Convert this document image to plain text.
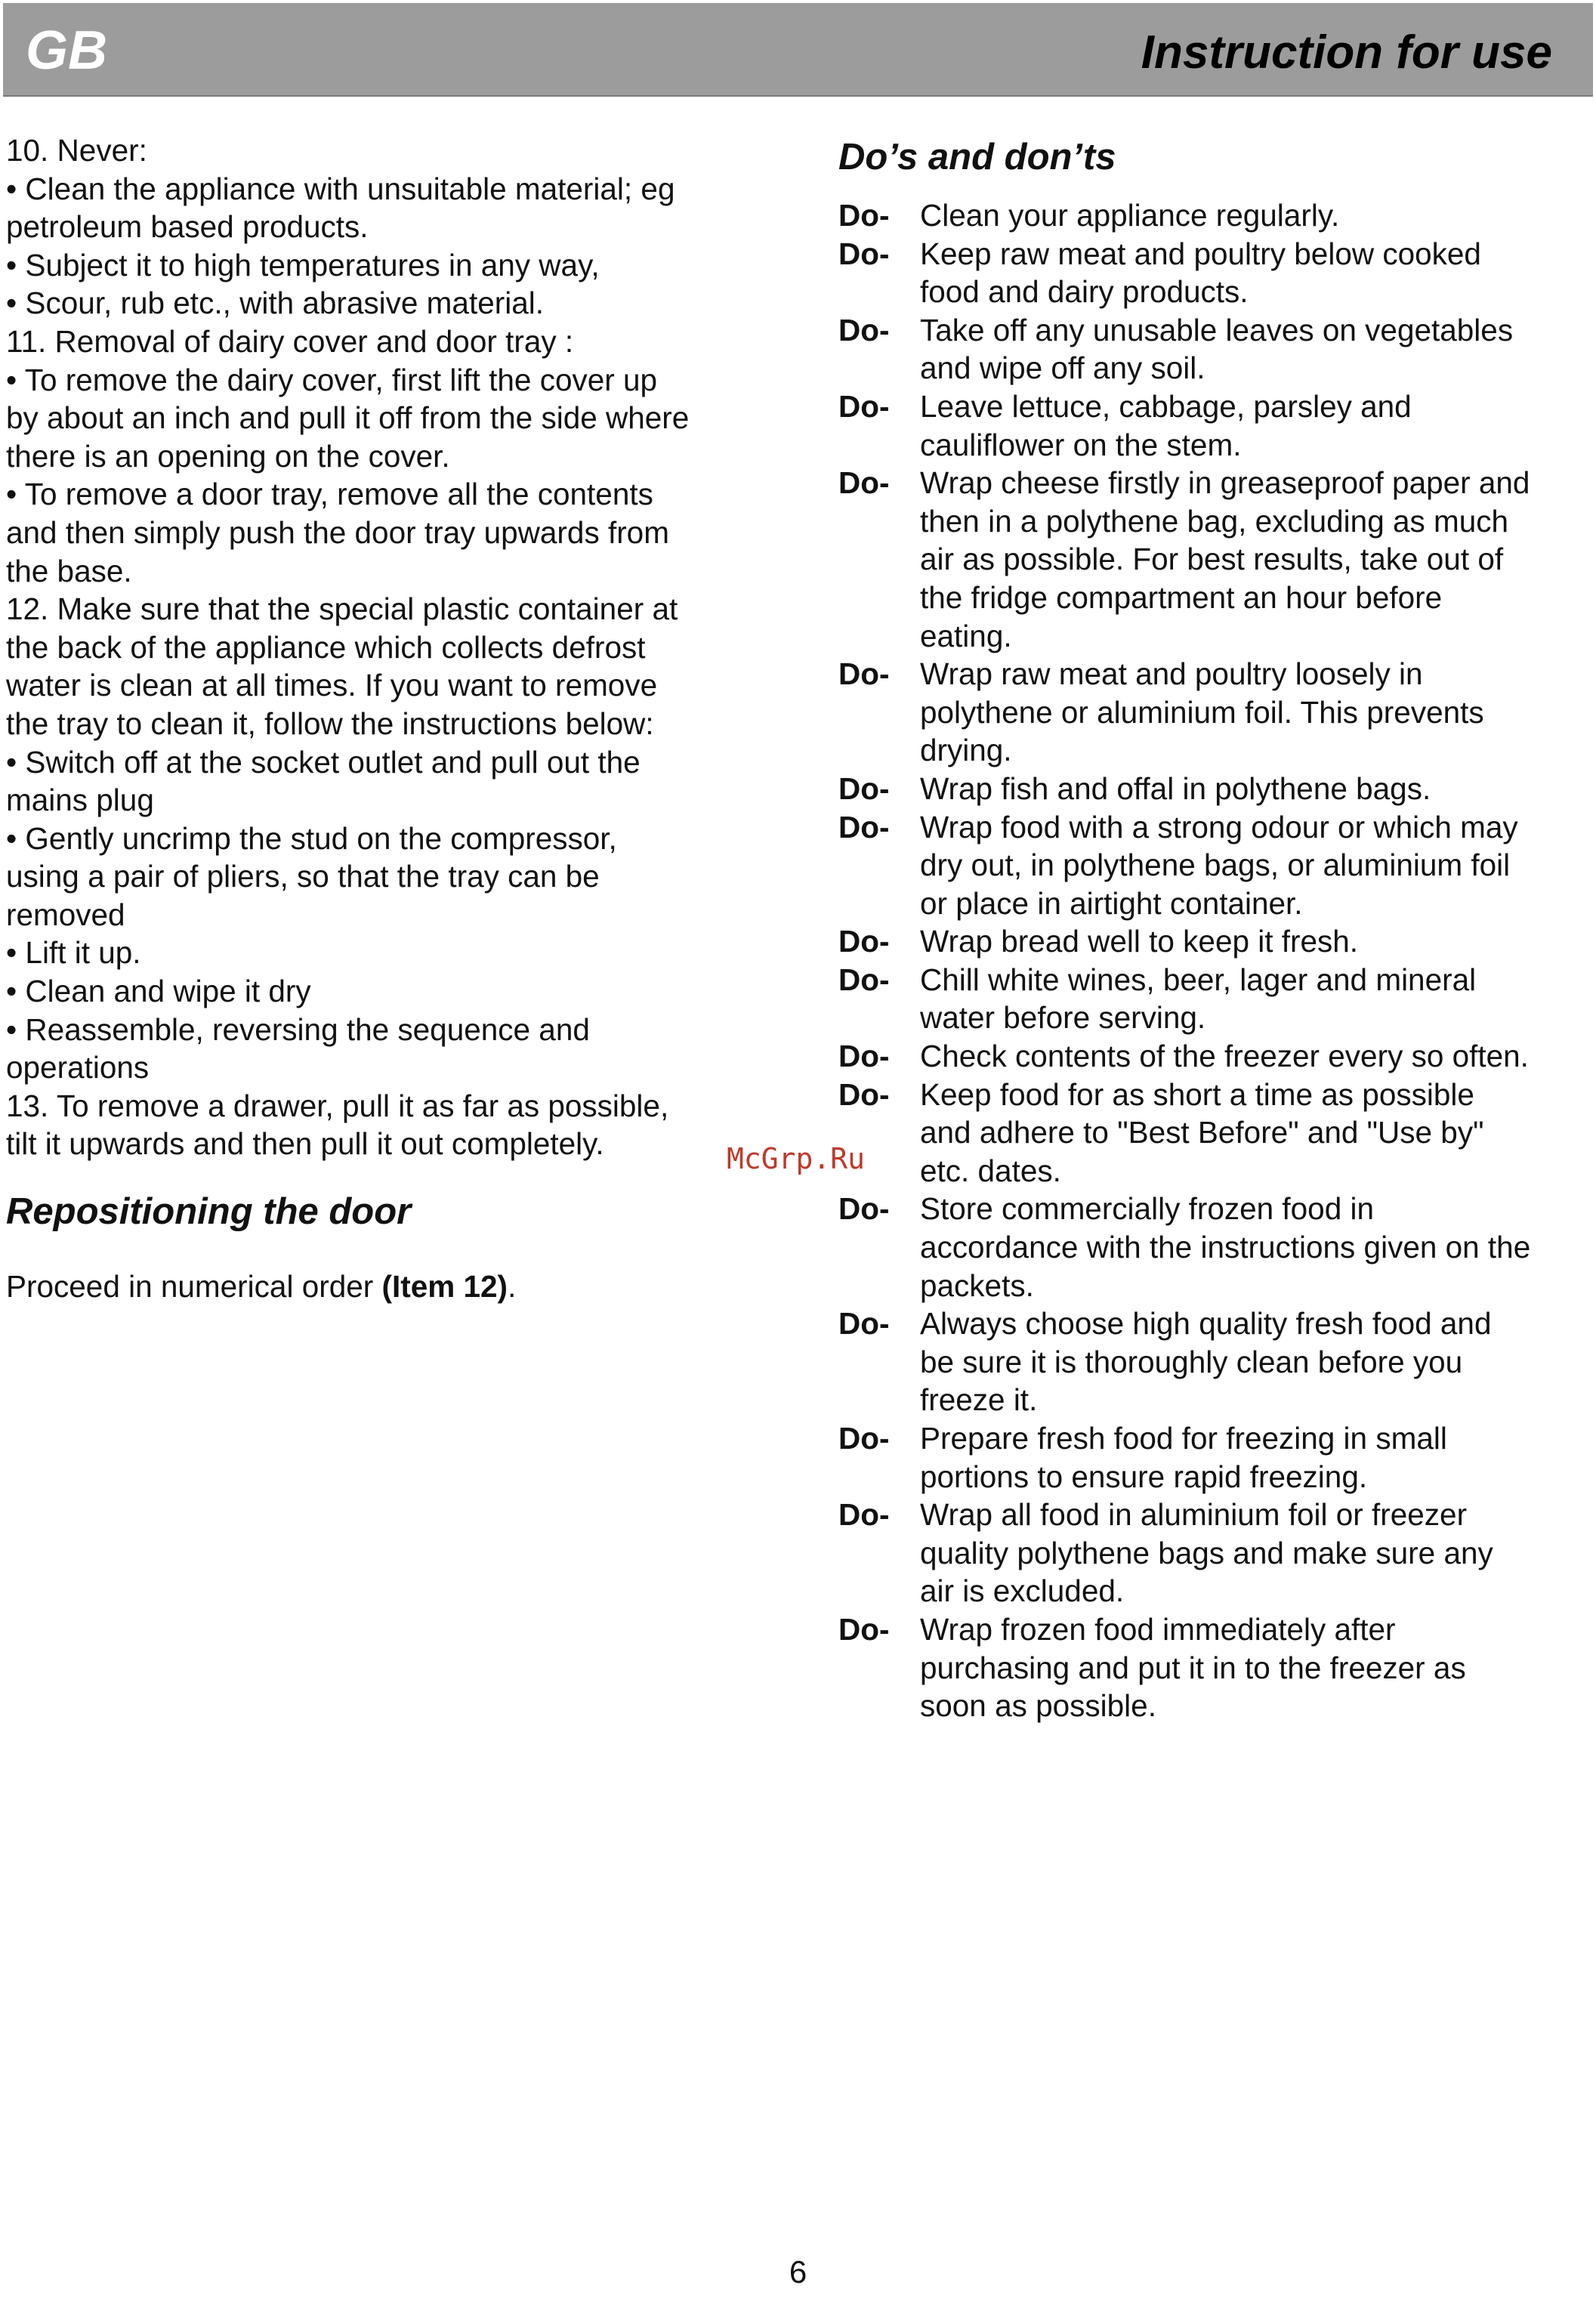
GB	Instruction for use

10. Never:

• Clean the appliance with unsuitable material; eg

petroleum based products.

• Subject it to high temperatures in any way,

• Scour, rub etc., with abrasive material.

11. Removal of dairy cover and door tray :

• To remove the dairy cover, first lift the cover up

by about an inch and pull it off from the side where

there is an opening on the cover.

• To remove a door tray, remove all the contents

and then simply push the door tray upwards from

the base.

12. Make sure that the special plastic container at

the back of the appliance which collects defrost

water is clean at all times. If you want to remove

the tray to clean it, follow the instructions below:

• Switch off at the socket outlet and pull out the

mains plug

• Gently uncrimp the stud on the compressor,

using a pair of pliers, so that the tray can be

removed

• Lift it up.

• Clean and wipe it dry

• Reassemble, reversing the sequence and

operations

13. To remove a drawer, pull it as far as possible,

tilt it upwards and then pull it out completely.

Repositioning the door

Proceed in numerical order (Item 12).

Do’s and don’ts
Do-	Clean your appliance regularly.
Do-	Keep raw meat and poultry below cooked
food and dairy products.
Do-	Take off any unusable leaves on vegetables
and wipe off any soil.
Do-	Leave lettuce, cabbage, parsley and
cauliflower on the stem.
Do-	Wrap cheese firstly in greaseproof paper and
then in a polythene bag, excluding as much
air as possible. For best results, take out of
the fridge compartment an hour before
eating.
Do-	Wrap raw meat and poultry loosely in
polythene or aluminium foil. This prevents
drying.
Do-	Wrap fish and offal in polythene bags.
Do-	Wrap food with a strong odour or which may
dry out, in polythene bags, or aluminium foil
or place in airtight container.
Do-	Wrap bread well to keep it fresh.
Do-	Chill white wines, beer, lager and mineral
water before serving.
Do-	Check contents of the freezer every so often.
Do-	Keep food for as short a time as possible
and adhere to "Best Before" and "Use by"
etc. dates.
Do-	Store commercially frozen food in
accordance with the instructions given on the
packets.
Do-	Always choose high quality fresh food and
be sure it is thoroughly clean before you
freeze it.
Do-	Prepare fresh food for freezing in small
portions to ensure rapid freezing.
Do-	Wrap all food in aluminium foil or freezer
quality polythene bags and make sure any
air is excluded.
Do-	Wrap frozen food immediately after
purchasing and put it in to the freezer as
soon as possible.
McGrp.Ru
6
